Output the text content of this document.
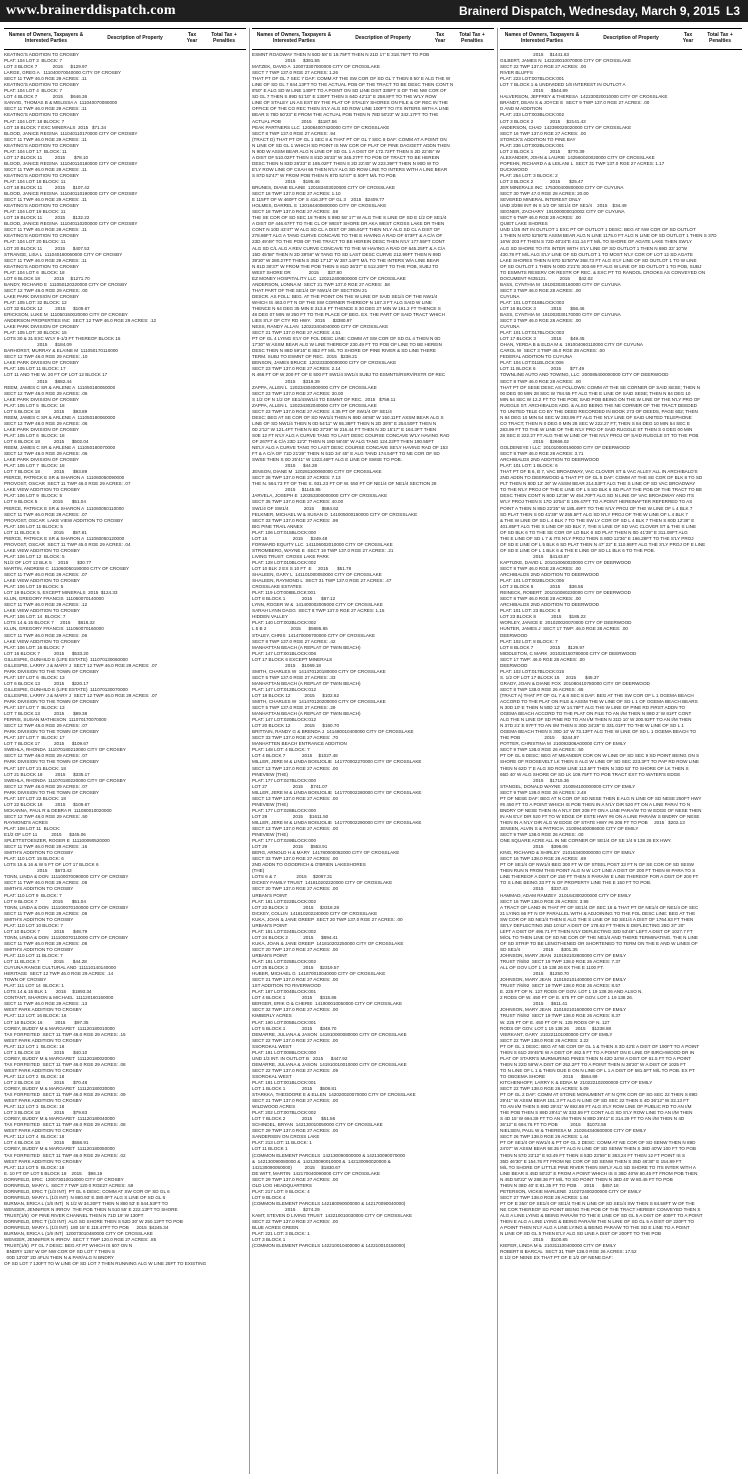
www.brainerddispatch.com	Brainerd Dispatch, Wednesday, March 9, 2015 L3
Names of Owners, Taxpayers & Interested Parties	Description of Property	Tax Year
Total Tax + Penalties
KEATING'S ADDITION TO CROSBY
PLAT: 104 LOT 3  BLOCK: 7
LOT 3 BLOCK 7            2015      $129.97
LARGE, GREG A   111040070040000 CITY OF CROSBY
SECT 11 TWP 46.0 RGE 29 ACRES: .11
KEATING'S ADDITION TO CROSBY
PLAT: 104 LOT 4  BLOCK: 7
LOT 4 BLOCK 7            2015      $646.36
SANVIG, THOMAS B & MELISSA A  111040070080000
SECT 11 TWP 46.0 RGE 29 ACRES: .11
KEATING'S ADDITION TO CROSBY
PLAT: 104 LOT: 18 BLOCK: 7
LOT 18 BLOCK 7 EXC MINERALS  2015   $71.34
BLOOD, JANICE REGINA  111040110170000 CITY OF CROSBY
SECT 11 TWP 46.0 RGE 29 ACRES: .11
KEATING'S ADDITION TO CROSBY
PLAT: 104 LOT 17  BLOCK: 11
LOT 17 BLOCK 11          2015       $78.10
BLOOD, JANICE REGINA  111040110180000 CITY OF CROSBY
SECT 11 TWP 46.0 RGE 29 ACRES: .11
KEATING'S ADDITION TO CROSBY
PLAT: 104 LOT 18 BLOCK: 11
LOT 18 BLOCK 11          2015      $107.42
BLOOD, JANICE REGINA  111040110190000 CITY OF CROSBY
SECT 11 TWP 46.0 RGE 29 ACRES: .11
KEATING'S ADDITION TO CROSBY
PLAT: 104 LOT 19 BLOCK: 11
LOT 19 BLOCK 11          2015      $132.22
BLOOD, JANICE REGINA  111040110200000 CITY OF CROSBY
SECT 11 TWP 46.0 RGE 29 ACRES: .11
KEATING'S ADDITION TO CROSBY
PLAT: 104 LOT 20 BLOCK: 11
LOT 20 BLOCK 11          2015      $407.53
STRANGE, LISA L  111040180060000 CITY OF CROSBY
SECT 11 TWP 46.0 RGE 29 ACRES: .11
KEATING'S ADDITION TO CROSBY
PLAT: 104 LOT 6  BLOCK: 18
LOT 6 BLOCK 18           2015     $1271.70
BANDY, RICHARD E  111050120320000 CITY OF CROSBY
SECT 12 TWP 46.0 RGE 29 ACRES: .00
LAKE PARK DIVISION OF CROSBY
PLAT: 105 LOT: 32 BLOCK: 12
LOT 32 BLOCK 12          2015      $109.67
ERICKSON, LUKE M  111050150020000 CITY OF CROSBY
ANDERSON PROPERTIES INC  SECT 12 TWP 46.0 RGE 29 ACRES: .12
LAKE PARK DIVISION OF CROSBY
PLAT: 105 LOT: 30 BLOCK: 15
LOTS 30 & 31 EXC W'LY 8-1/3 FT THEREOF BLOCK 15
2015      $184.09
BARHORST, MURRAY & ELAINE M  111050170110000
SECT 12 TWP 46.0 RGE 29 ACRES: .10
LAKE PARK DIVISION OF CROSBY
PLAT: 105 LOT 11 BLOCK: 17
LOT 11 AND THE W. 20 FT OF LOT 12 BLOCK 17
2015      $682.44
REEM, JAMES C SR & ARLENE A  111050180050000
SECT 12 TWP 46.0 RGE 29 ACRES: .06
LAKE PARK DIVISION OF CROSBY
PLAT: 105 LOT 5  BLOCK: 18
LOT 5 BLOCK 18           2015       $93.89
REEM, JAMES C SR & ARLENE A  111050180060000
SECT 12 TWP 46.0 RGE 29 ACRES: .06
LAKE PARK DIVISION OF CROSBY
PLAT: 105 LOT 6  BLOCK: 18
LOT 6 BLOCK 18           2015      $502.04
REEM, JAMES C SR & ARLENE A  111050180070000
SECT 12 TWP 46.0 RGE 29 ACRES: .06
LAKE PARK DIVISION OF CROSBY
PLAT: 105 LOT 7  BLOCK: 18
LOT 7 BLOCK 18           2015       $93.89
PIERCE, PATRICK E SR & SHARON A  111060050090000
PROVOST, OSCAR  SECT 11 TWP 46.0 RGE 29 ACRES: .07
LAKE VIEW ADDITION TO CROSBY
PLAT: 106 LOT 9  BLOCK: 5
LOT 9 BLOCK 5            2015       $51.04
PIERCE, PATRICK E SR & SHARON A  111060050110000
SECT 11 TWP 46.0 RGE 29 ACRES: .07
PROVOST, OSCAR  LAKE VIEW ADDITION TO CROSBY
PLAT: 106 LOT 11 BLOCK: 5
LOT 11 BLOCK 5           2015       $57.81
PIERCE, PATRICK E SR & SHARON A  111060050120000
PROVOST, OSCAR  SECT 11 TWP 45.0 RGE 29 ACRES: .04
LAKE VIEW ADDITION TO CROSBY
PLAT: 106 LOT 12  BLOCK: 5
N1/2 OF LOT 12 BLK 5     2015       $30.77
MARTIN, ANDREW C  111060050190000 CITY OF CROSBY
SECT 11 TWP 46.0 RGE 29 ACRES: .07
LAKE VIEW ADDITION TO CROSBY
PLAT: 106 LOT 19 BLOCK: 5
LOT 19 BLOCK 5, EXCEPT MINERALS  2015  $124.33
KLUN, GREGORY FRANCIS  111060070140000
SECT 11 TWP 46.0 RGE 29 ACRES: .12
LAKE VIEW ADDITION TO CROSBY
PLAT: 106 LOT: 14  BLOCK: 7
LOTS 14 & 15 BLOCK 7     2015      $818.32
KLUN, GREGORY FRANCIS  111060070160000
SECT 11 TWP 46.0 RGE 29 ACRES: .06
LAKE VIEW ADDITION TO CROSBY
PLAT: 106 LOT: 16 BLOCK: 7
LOT 16 BLOCK 7           2015      $533.20
GILLESPIE, GUNHILD E (LIFE ESTATE)  111070130060000
GILLESPIE, LARRY J & MARY J  SECT 12 TWP 46.0 RGE 29 ACRES: .07
PARK DIVISION TO THE TOWN OF CROSBY
PLAT: 107 LOT 6  BLOCK: 13
LOT 6 BLOCK 13           2015      $220.17
GILLESPIE, GUNHILD E (LIFE ESTATE)  111070130070000
GILLESPIE, LARRY J & MARY J  SECT 12 TWP 46.0 RGE 29 ACRES: .07
PARK DIVISION TO THE TOWN OF CROSBY
PLAT: 107 LOT 7  BLOCK: 13
LOT 7 BLOCK 13           2015       $89.38
FERRIS, SUSAN MATHESON  111070170070000
SECT 12 TWP 46.0 RGE 29 ACRES: .07
PARK DIVISION TO THE TOWN OF CROSBY
PLAT: 107 LOT 7  BLOCK: 17
LOT 7 BLOCK 17           2015      $109.67
SWEHLA, RHONDA  111070180210000 CITY OF CROSBY
SECT 12 TWP 46.0 RGE 29 ACRES: .07
PARK DIVISION TO THE TOWN OF CROSBY
PLAT: 107 LOT 21 BLOCK: 18
LOT 21 BLOCK 18          2015      $335.17
SWEHLA, RHONDA  111070180220000 CITY OF CROSBY
SECT 12 TWP 46.0 RGE 29 ACRES: .07
PARK DIVISION TO THE TOWN OF CROSBY
PLAT: 107 LOT 22 BLOCK: 18
LOT 22 BLOCK 18          2015      $109.67
MCKANNA, PAUL R & DEBRA R  111080010020000
SECT 12 TWP 46.0 RGE 29 ACRES: .50
RAYMOND'S ACRES
PLAT: 108 LOT 11  BLOCK:
E1/2 OF LOT 11           2015      $345.06
SPLETTSTOESZER, ROGER E  111100090520000
SECT 11 TWP 46.0 RGE 29 ACRES: .16
SMITH'S ADDITION TO CROSBY
PLAT: 110 LOT: 15 BLOCK: 6
LOTS 15 & 16 & W 5 FT OF LOT 17 BLOCK 6
2015      $673.42
TONN, LINDA & DON  111100070090000 CITY OF CROSBY
SECT 11 TWP 46.0 RGE 29 ACRES: .08
SMITH'S ADDITION TO CROSBY
PLAT: 110 LOT 9  BLOCK: 7
LOT 9 BLOCK 7            2015       $51.04
TONN, LINDA & DON  111100070100000 CITY OF CROSBY
SECT 11 TWP 46.0 RGE 29 ACRES: .08
SMITH'S ADDITION TO CROSBY
PLAT: 110 LOT 10 BLOCK: 7
LOT 10 BLOCK 7           2015       $48.79
TONN, LINDA & DON  111100070110000 CITY OF CROSBY
SECT 11 TWP 46.0 RGE 29 ACRES: .08
SMITH'S ADDITION TO CROSBY
PLAT: 110 LOT 11 BLOCK: 7
LOT 11 BLOCK 7           2015       $44.28
CUYUNA RANGE CULTURAL AND  111110140140000
HERITAGE  SECT 12 TWP 46.0 RGE 29 ACRES: .14
TOWN OF CROSBY
PLAT: 111 LOT 14  BLOCK: 1
LOTS 14 & 15 BLK 1       2015     $1893.34
CONTANT, SHARON & MICHAEL  111120160150000
SECT 11 TWP 46.0 RGE 29 ACRES: .13
WEST PARK ADDITION TO CROSBY
PLAT: 112 LOT: 16 BLOCK: 16
LOT 16 BLOCK 16          2015       $97.35
COREY, BUDDY M & MARGARET  111120180010000
TAX FORFEITED  SECT 11 TWP 46.0 RGE 29 ACRES: .15
WEST PARK ADDITION TO CROSBY
PLAT: 112 LOT 1  BLOCK: 18
LOT 1 BLOCK 18           2015       $40.10
COREY, BUDDY M & MARGARET  111120180020000
TAX FORFEITED  SECT 11 TWP 46.0 RGE 29 ACRES: .08
WEST PARK ADDITION TO CROSBY
PLAT: 112 LOT 2  BLOCK: 18
LOT 2 BLOCK 18           2015       $70.48
COREY, BUDDY M & MARGARET  111120180030000
TAX FORFEITED  SECT 11 TWP 46.0 RGE 29 ACRES: .09
WEST PARK ADDITION TO CROSBY
PLAT: 112 LOT 3  BLOCK: 18
LOT 3 BLOCK 18           2015       $79.83
COREY, BUDDY M & MARGARET  111120180040000
TAX FORFEITED  SECT 11 TWP 46.0 RGE 29 ACRES: .08
WEST PARK ADDITION TO CROSBY
PLAT: 112 LOT 4  BLOCK: 18
LOT 4 BLOCK 18           2015      $558.91
COREY, BUDDY M & MARGARET  111120180050000
TAX FORFEITED  SECT 11 TWP 46.0 RGE 29 ACRES: .02
WEST PARK ADDITION TO CROSBY
PLAT: 112 LOT 5  BLOCK: 18
E. 10 FT OF LOT 5 BLOCK 18    2015     $96.19
DORNFELD, ERIC  120073010010000 CITY OF CROSBY
DORNFELD, MARY L  SECT 7 TWP 120 0 RGE27 ACRES: .59
DORNFELD, ERIC T (1/3 INT)  PT GL 6 DESC: COMM AT SW COR OF SD GL 6
DORNFELD, MARY L (1/3 INT)  N 880.93' E 380.0FT ALG S LINE OF SD GL 6
BURMAN, ERICA L (1/6 INT)  N 1/2 W 34.20FT THEN N 880 53' E 544.53FT TO
WENGER, JENNIFER N IRROV  THE POB THEN N 510 55' E 222.13FT TO SHORE
TRUST(1/6)  OF PINE RIVER CHANNEL THEN N 71D 19' W 130FT
DORNFELD, ERIC T (1/3 INT)  ALG SD SHORE THEN S 52D 30' W 250.12FT TO POB
DORNFELD, MARY L (1/3 INT)  180 15' E 118.47FT TO POB      2015  $4245.34
BURMAN, ERICA L (1/6 INT)  120073010480000 CITY OF CROSSLAKE
WENGER, JENNIFER N IRROV  SECT 7 TWP 120.0 RGE 27 ACRES: .85
TRUST(1/6)  PT GL 7 DESC: BEG AT PT WHICH IS 607 ON N
BNDRY 1257 W OF NW COR OF SD LOT 7 THEN S
00D 13'03" 2D 4FLN THEN N & PAR/ALG N BNDRY
OF SD LOT 7 130FT TO W LINE OF SD LOT 7 THEN RUNNING ALG W LINE 25FT TO EXISTING
Names of Owners, Taxpayers & Interested Parties	Description of Property	Tax Year
Total Tax + Penalties
ESMNT ROADWAY THEN N 50D 58' E 18.75FT THEN N 21D 17' E 318.75FT TO POB
2015      $391.55
MATZEK, DAVID A  120073307000000 CITY OF CROSSLAKE
SECT 7 TWP 137.0 RGE 27 ACRES: 1.26
THAT PT OF GL 7 SEC 7 DAF: COMM AT THE SW COR OF SD GL 7 THEN 8 50' E ALG THE W
LINE OF SD GL 7 844.13FT TO THE ACTUAL POB OF THE TRACT TO BE DESC THEN CONT N
8'50" E ALG SD W LINE 140FT TO A POINT ON SD LINE DIST 335FT S OF THE NW COR OF
SD GL 7 THEN S 89D 51'10" E 130FT THEN S 64D 42'13" E 258.8FT TO THE W'LY ROW
LINE OF STALEY LN AS EST BY THE PLAT OF STALEY SHORES ON FILE & OF REC IN THE
OFFICE OF THE CO REC THEN S'LY ALG SD ROW LINE 100FT TO ITS INTERS WITH A LINE
BEAR S 78D 50'23" E FROM THE ACTUAL POB THEN N 78D 50'23" W 342.17FT TO THE
ACTUAL POB                2015     $1187.56
PEAK PARTNERS LLC  120084007420000 CITY OF CROSSLAKE
SECT 8 TWP 137.0 RGE 27 ACRES: .94
(TRACT D) THAT PT OF GL 1 SEC 8 & THAT PT OF GL 7 SEC 8 DAF: COMM AT A POINT ON
N LINE OF SD GL 1 WHICH SD POINT IS NW COR OF PLAT OF PINE DAGGETT ADDN THEN
N 90D W ASSM BEAR ALG N LINE OF SD GL 1 A DIST OF 172.72FT THEN S 2D 22'45" W
A DIST OF 510.02FT THEN S 81D 26'33" W 345.27FT TO POB OF TRACT TO BE HEREIN
DESC THEN N 83D 26'33" E 185.02FT THEN S 2D 22'45" W 223.39FT THEN N 90D W TO
E'LY ROW LINE OF CSAH 66 THEN N'LY ALG SD ROW LINE TO INTERS WITH A LINE BEAR
S 87D 52'47" W FROM POB THEN N 87D 52'47" E 50FT M/L TO POB
2015      $195.46
BRUNES, DIANE ELAINE  120183403020000 CITY OF CROSSLAKE
SECT 18 TWP 137.0 RGE 27 ACRES: 1.10
E 115FT OF W 460FT OF S 416.3FT OF GL 3    2015   $2409.77
HOLMES, DARREL S  120184400800000 CITY OF CROSSLAKE
SECT 18 TWP 137.0 RGE 27 ACRES: .59
THE SE COR OF SD SEC 18 THEN S 89D 58' 17" W ALG THE S LINE OF SD E 1/2 OF SE1/4
A DIST OF 446.67FT TO THE CL OF WEST SHORE DR AKA WEST CROSS LAKE DR THEN
CONT N 10D 43'47" W ALG SD CL A DIST OF 365.91FT THEN N'LY ALG SD CL A DIST OF
278.86FT ALG A TANG CURVE CONCAVE TO THE E HAVING A RAD OF 673FT & A C/A OF
23D 49'49" TO THE POB OF THE TRACT TO BE HEREIN DESC THEN N'LY 177.55FT CONT
ALG SD C/L ALG A REV CURVE CONCAVE TO THE W HAVING A RAD OF 645.25FT & A C/A
15D 45'58" THEN N 2D 39'56" W TANG TO SD LAST DESC CURVE 212.99FT THEN N 89D
39'30" W 280.27FT THEN S 35D 17'12" W 387.14FT M/L TO THE INTERS W/A LINE BEAR
N 81D 36'37" W FROM THE POB THEN S 81D 36'37" E 512.20FT TO THE POB, SUBJ TO
WEST SHORE DR              2015       $37.80
EZ MONEY HOSPITALITY LLC  120212400600000 CITY OF CROSSLAKE
ANDERSON, LONNA M  SECT 21 TWP 137.0 RGE 27 ACRES: .58
THAT PART OF THE SE1/4 OF NW1/4 OF SECTION 21
DESCR. AS FOLL: BEG. AT THE POINT ON THE W LINE OF SAID SE1/4 OF THE NW1/4
WHICH IS 463.0 FT N OF THE SW CORNER THEREOF N 167.3 FT ALG SAID W LINE
THENCE N 64 DEG 35 MIN E 313.6 FT THENCE S 30 DEG 27 MIN W 191.2 FT THENCE S
48 DEG 07 MIN W 250 FT TO THE PLACE OF BEG. EX. THE PART OF SAID TRACT WHICH
LIES S'LY OF CTY RD HWY.   2015      $3380.97
NESS, RANDY ALLAN  120223404040000 CITY OF CROSSLAKE
SECT 21 TWP 137.0 RGE 27 ACRES: 4.51
PT OF GL 4 LYING S'LY OF FOL DESC LINE: COMM AT SW COR OF SD GL 4 THEN N 0D
17'30" W ASSM BEAR ALG W LINE THEREOF 230.49 FT TO POB OF LINE TO BE HEREIN
DESC THEN N 88D 59'15" E 852 FT M/L TO SHORE OF PINE RIVER & SD LINE THERE
TERM. SUBJ TO ESMNT OF REC.  2015   $238.21
BENSON, JAMES BRUCE  120233300000000 CITY OF CROSSLAKE
SECT 23 TWP 137.0 RGE 27 ACRES: 2.14
N 466 FT OF W 200 FT OF E 500 FT SW1/4 SW1/4 SUBJ TO ESMNTS/RSRV/RSTR OF REC
2015      $319.39
ZAPPA, ALLEN L  120234304000000 CITY OF CROSSLAKE
SECT 23 TWP 137.0 RGE 27 ACRES: 30.00
S 1/2 OF N 1/2 OF SE1/4SW1/4 TO ESMNT OF REC.  2015   $759.11
ZAPPA, ALLEN L  120234302040000 CITY OF CROSSLAKE
SECT 23 TWP 137.0 RGE 27 ACRES: 4.35 PT OF SW1/4 OF SE1/4
DESC: BEG AT SE COR OF SD NW1/4 THEN N 89D 46'58" W 150.11FT ASSM BEAR ALG S
LINE OF SD NW1/4 THEN N 0D 54'11" W 65.38FT THEN N 2D 39'8" E 254.50FT THEN N
0D 2'12" W 121.4FT THEN N 8D 37'29" W 216.44 FT THEN N 3D 15'17" E 164.3FT THEN
S0E 12 FT N'LY ALG A CURVE TANG TO LAST DESC COURSE CONCAVE W'LY HAVING RAD
OF 267FT & C/A 23D 12'2" THEN N 19D 56'45" W ALG TANG 124.22FT THEN 190.55FT
NE'LY ALG A CURVE TANG TO LAST DESC COURSE CONCAVE SE'LY HAVING RAD OF 153
FT & A C/A OF 71D 21'29" THEN N 51D 34' 45" E ALG TAND 174.54FT TO NE COR OF SD
SWSE THEN S 0D 25'41" W 1323.46FT ALG E LINE OF SWSE TO POB.
2015      $44.28
JENSON, DIANE M  120281100060000 CITY OF CROSSLAKE
SECT 28 TWP 137.0 RGE 27 ACRES: 7.13
THE N. 564.73 FT OF THE S. 931.23 FT OF W. 550 FT OF NE1/4 OF NE1/4 SECTION 28
2015     $1145.85
JARVELA, JOSEPH E  120353300000000 CITY OF CROSSLAKE
SECT 35 TWP 137.0 RGE 27 ACRES: 40.00
SW1/4 OF SW1/4            2015      $584.62
FELKNER, MICHAEL W & SUSAN D  141005000150000 CITY OF CROSSLAKE
SECT 33 TWP 137.0 RGE 27 ACRES: .98
BIG PINE TRAIL ANNEX
PLAT: 106 LOT:015BLOCK:000
LOT 15                    2015      $249.48
FORWARD EQUITY LLC  141106002010000 CITY OF CROSSLAKE
STROMBERG, WAYNE E  SECT 19 TWP 137.0 RGE 27 ACRES: .21
LIVING TRUST  CROSS LAKE PARK
PLAT: 128 LOT:010BLOCK:002
LOT 10 BLK 2 EX S 10 FT  E     2015       $51.78
SHALEEN, GARY L  141101000050000 CITY OF CROSSLAKE
SHALEEN, RAYMOND L  SECT 31 TWP 137.0 RGE 27 ACRES: .47
CROSSLAKE ESTATES
PLAT: 119 LOT:008BLOCK:001
LOT 8 BLOCK 1             2015       $87.12
LYNN, ROGER W &  141400002005000 CITY OF CROSSLAKE
SARAH LYNN DAGG  SECT 8 TWP 137.0 RGE 27 ACRES: 1.15
HIDDEN VALLEY
PLAT: 140 LOT:002BLOCK:002
L 5 B 2                   2015      $5685.85
STALEY, CHRIS  141470006700000 CITY OF CROSSLAKE
SECT 8 TWP 137.0 RGE 27 ACRES: .42
MANHATTAN BEACH (A REPLAT OF TWIN BEACH)
PLAT: 147 LOT:001BLOCK:006
LOT 17 BLOCK 6 EXCEPT MINERALS
2015     $1069.18
SMITH, CHARLES W  141470120180000 CITY OF CROSSLAKE
SECT 5 TWP 137.0 RGE 27 ACRES: .33
MANHATTAN BEACH (A REPLAT OF TWIN BEACH)
PLAT: 147 LOT:012BLOCK:012
LOT 18 BLOCK 12           2015      $102.62
SMITH, CHARLES W  141470120200000 CITY OF CROSSLAKE
SECT 5 TWP 137.0 RGE 27 ACRES: .29
MANHATTAN BEACH (A REPLAT OF TWIN BEACH)
PLAT: 147 LOT:020BLOCK:012
LOT 20 BLOCK 12           2015      $160.70
BRITTAIN, RANDY G & BRENDA J  141480010400000 CITY OF CROSSLAKE
SECT 33 TWP 137.0 RGE 27 ACRES: .70
MANHATTEN BEACH ENTRANCE ADDITION
PLAT: 148 LOT: 4 BLOCK: 7
LOT 4 BLOCK 7             2015     $1027.48
MILLER, JERE M & LINDA BOISJOLIE  141770002270000 CITY OF CROSSLAKE
SECT 13 TWP 137.0 RGE 27 ACRES: .00
PINEVIEW (THE)
PLAT: 177 LOT:027BLOCK:000
LOT 27                    2015      $741.07
MILLER, JERE M & LINDA BOISJOLIE  141770002280000 CITY OF CROSSLAKE
SECT 13 TWP 137.0 RGE 27 ACRES: .00
PINEVIEW (THE)
PLAT: 177 LOT:028BLOCK:000
LOT 28                    2015     $1611.50
MILLER, JERE M & LINDA BOISJOLIE  141770002290000 CITY OF CROSSLAKE
SECT 13 TWP 137.0 RGE 27 ACRES: .00
PINEVIEW (THE)
PLAT: 177 LOT:029BLOCK:000
LOT 29                    2015      $553.91
BERG, ARNOLD H & MARY  141780000082000 CITY OF CROSSLAKE
SECT 33 TWP 137.0 RGE 27 ACRES: .00
2ND ADDN TO GOODRICH & O'BRIEN LAKESHORES
(THE)
LOTS 6 & 7                2015     $2087.31
DICKEY FAMILY TRUST  141810202220000 CITY OF CROSSLAKE
SECT 20 TWP 137.0 RGE 27 ACRES: .00
URBAN'S POINT
PLAT: 181 LOT:022BLOCK:002
LOT 22 BLOCK 2            2015     $3318.28
DICKEY, COLLIN  141810202240000 CITY OF CROSSLAKE
KUKA, JOAN & JANE GREEP  SECT 20 TWP 137.0 RGE 27 ACRES: .00
URBAN'S POINT
PLAT: 181 LOT:024BLOCK:002
LOT 24 BLOCK 2            2015      $894.41
KUKA, JOAN & JANE GREEP  141810202250000 CITY OF CROSSLAKE
SECT 20 TWP 137.0 RGE 27 ACRES: .00
URBAN'S POINT
PLAT: 181 LOT:025BLOCK:002
LOT 25 BLOCK 2            2015     $2319.57
HUBER, MICHAEL G  141870010040000 CITY OF CROSSLAKE
SECT 21 TWP 137.0 RGE 27 ACRES: .00
1ST ADDITION TO RIVERWOOD
PLAT: 187 LOT:004BLOCK:001
LOT 4 BLOCK 1             2015      $315.86
BERGER, ERIK O & CHERIE  141900010050000 CITY OF CROSSLAKE
SECT 32 TWP 137.0 RGE 27 ACRES: .00
KIMBERLY ACRES
PLAT: 190 LOT:005BLOCK:001
LOT 5 BLOCK 1             2015      $348.70
DEMARRE, JULIANA & JASON  141910000080000 CITY OF CROSSLAKE
SECT 22 TWP 137.0 RGE 27 ACRES: .00
SSOROKAL WEST
PLAT: 191 LOT:008BLOCK:000
UND 1/3 INT. IN OUTLOT B   2015      $447.92
DEMARRE, JULIANA & JASON  141910010010000 CITY OF CROSSLAKE
SECT 22 TWP 137.0 RGE 27 ACRES: .09
SSOROKAL WEST
PLAT: 191 LOT:001BLOCK:001
LOT 1 BLOCK 1             2015      $508.81
STARKKA, THEODORE E & ELLEN  142020020070000 CITY OF CROSSLAKE
SECT 21 TWP 137.0 RGE 27 ACRES: .00
WILDWOOD ACRES
PLAT: 202 LOT:007BLOCK:002
LOT 7 BLOCK 2             2015       $51.56
SCHINDEL, BRYAN  142130010050000 CITY OF CROSSLAKE
SECT 29 TWP 137.0 RGE 27 ACRES: .00
SANDERSEN ON CROSS LAKE
PLAT: 213 LOT: 11 BLOCK: 1
LOT 11 BLOCK 1
(COMMON ELEMENT PARCELS  142130090000000 & 142130090070000
&  142130090080000 &  142130090010000 &  142130090020000 &
142130090050000)          2015     $1830.67
DE WITT, MARTIN  142170040090000 CITY OF CROSSLAKE
SECT 29 TWP 137.0 RGE 27 ACRES: .00
OLD LOG HEADQUARTERS
PLAT: 217 LOT: 9 BLOCK: 4
LOT 9 BLOCK 4
(COMMON ELEMENT PARCELS 142180090000000 & 142170090040000)
2015      $274.29
KAMT, STEVEN D LIVING TRUST  142210010030000 CITY OF CROSSLAKE
SECT 22 TWP 137.0 RGE 27 ACRES: .00
BLUE ACRES GREEN
PLAT: 221 LOT: 3 BLOCK: 1
LOT 3 BLOCK 1
(COMMON ELEMENT PARCELS 142210010400000 & 142210010150000)
Names of Owners, Taxpayers & Interested Parties	Description of Property	Tax Year
Total Tax + Penalties
2015     $1441.63
GILBERT, JAMES N  142230010070000 CITY OF CROSSLAKE
SECT 22 TWP 137.0 RGE 27 ACRES: .00
RIVER BLUFFS
PLAT: 223 LOT:007BLOCK:001
LOT 7 BLOCK 1 & UNDIVIDED 1/8 INTEREST IN OUTLOT A
2015      $544.89
HALVERSON, JEFFREY & THERESA  142230020010000 CITY OF CROSSLAKE
BRANDT, DEAN S & JOYCE E  SECT 9 TWP 137.0 RGE 27 ACRES: .00
D AND M ADDITION
PLAT: 233 LOT:003BLOCK:002
LOT 3 BLOCK 2             2015     $2141.43
ANDERSON, CHAD  142390020020000 CITY OF CROSSLAKE
SECT 16 TWP 137.0 RGE 27 ACRES: .00
STORCK'S ADDITION TO PINE BAY
PLAT: 236 LOT:002BLOCK:001
LOT 2 BLOCK 1             2015      $770.39
ALEXANDER, JOHN & LAURIE  142560020020000 CITY OF CROSSLAKE
POPEHN, RICHARD A & LEILANI L  SECT 31 TWP 137.0 RGE 27 ACRES: 1.17
DUCKWOOD
PLAT: 254 LOT: 3 BLOCK: 2
LOT 3 BLOCK 2             2015       $25.47
JER MINERALS INC  175300400800000 CITY OF CUYUNA
SECT 30 TWP 47.0 RGE 28 ACRES: 20.00
SEVERED MINERAL INTEREST ONLY
UND 3/288 INT IN S 1/2 OF SE1/4 OF SE1/4    2015    $34.49
SEGNER, ZACHARY  191000000010002 CITY OF CUYUNA
SECT 6 TWP 46.0 RGE 28 ACRES: .00
QUIET LAKE SHORES
UND 1/25 INT IN OUTLOT 1 EXC PT OF OUTLOT 1 DESC: BEG AT NW COR OF SD OUTLOT
1 THEN N 87D 52'50"E ASSM BEAR ALG N LINE 1175.0 FT ALG N LINE OF SD OUTLOT 1 THEN S 37D
16'W 203 FT THEN S 72D 40'24"E 411.14 FT M/L TO SHORE OF AGATE LAKE THEN SW'LY
ALG SD SHORE TO ITS INTER WITH S'LY LINE OF SD OUTLOT 1 THEN N 69D 33' 10"W
430.78 FT M/L ALG S'LY LINE OF SD OUTLOT 1 TO MOST N'LY COR OF LOT 12 SD AGATE
LAKE SHORES THEN N 87D 52'50"W 368.73 FT ALG S'LY LINE OF SD OUTLOT 1 TO W LINE
OF SD OUTLOT 1 THEN N 00D 2'21"E 303.69 FT ALG W LINE OF SD OUTLOT 1 TO POB, SUBJ
TO ESMNTS RESERV OR RESTR OF REC. & EXC PT TO RANDOL CROOKS AS CONVEYED ON
DOCUMENT #435121.          2015       $42.02
BASS, CYNTHIA M  191003030160000 CITY OF CUYUNA
SECT 3 TWP 46.0 RGE 28 ACRES: .00
CUYUNA
PLAT: 101 LOT:016BLOCK:003
LOT 16 BLOCK 3            2015       $56.46
BASS, CYNTHIA M  191003030170000 CITY OF CUYUNA
SECT 3 TWP 46.0 RGE 28 ACRES: .00
CUYUNA
PLAT: 101 LOT:017BLOCK:003
LOT 17 BLOCK 3            2015       $49.45
OHAN, YERDA B & ELDA M &  191004060110000 CITY OF CUYUNA
CAROL W  SECT 3 TWP 46.0 RGE 28 ACRES: .00
FEDERAL ADDITION TO CUYUNA
PLAT: 104 LOT:011BLOCK:006
LOT 11 BLOCK 6            2015       $77.49
TOWNLINE AUTO AND TOWING, LLC  200085400000000 CITY OF DEERWOOD
SECT 8 TWP 46.0 RGE 28 ACRES: .00
THAT PT OF SESE DESC AS FOLLOWS: COMM AT THE SE CORNER OF SAID SESE; THEN N
00 DEG 00 MIN 28 SEC W 784.55 FT ALG THE E LINE OF SAID SESE; THEN N 84 DEG 10
MIN 54 SEC W 12.2 FT TO THE POB; SAID POB BEING ON THE W LINE OF THE N'LY PRO OF
RUGGLE ST. ARCHIBALDS ADD. & ALSO BEING THE NE CORNER OF THE TRACT DEEDED
TO UNITED TELE CO BY THE DEED RECORDED IN BOOK 273 OF DEEDS, PAGE 602; THEN
N 84 DEG 10 MIN 54 SEC W 283.99 FT ALG THE N'LY LINE OF SAID UNITED TELEPHONE
CO TRACT; THEN N 0 DEG 0 MIN 28 SEC W 222.27 FT; THEN S 84 DEG 10 MIN 54 SEC E
283.99 FT TO THE W LINE OF THE N'LY PRO OF SAID RUGGLE ST THEN S 0 DEG 00 MIN
28 SEC E 222.27 FT ALG THE W LINE OF THE N'LY PROJ OF SAID RUGGLE ST TO THE POB
2015     $2666.02
GOLDENEYE I LLC  201010000190000 CITY OF DEERWOOD
SECT 8 TWP 46.0 RGE 28 ACRES: 3.71
ARCHIBALDS 2ND ADDITION TO DEERWOOD
PLAT: 101 LOT: 1 BLOCK: 6
THAT PT OF B 6, B 7, VAC BROADWAY, VAC CLOVER ST & VAC ALLEY ALL IN ARCHIBALD'S
2ND ADDN TO DEERWOOD & THAT PT OF GL 5 DAF: COMM AT THE SE COR OF BLK 8 TO SD
PLT THEN N 80D 12' 36" W ASSM BEAR 214.53FT ALG THE S LINE OF SD VAC BROADWAY
TO THE N'LY PROJ OF THE E LINE OF L 5 SD BLK 6 SD PLAT THE POB OF THE TRACT TO BE
DESC THEN CONT N 80D 12'36" W 454.70FT ALG SD N LINE OF VAC BROADWAY AND ITS
W'LY PROJ THEN S 17D 10'54" E 109.47FT TO A POINT HEREINAFTER REFERRED TO AS
POINT A THEN N 85D 22'35" W 185.49FT TO THE N'LY PROJ OF THE W LINE OF L 4 BLK 7
SD PLAT THEN S 0D 41'39" W 255.5FT ALG SD N'LY PROJ OF THE W LINE OF L 4 BLK 7
& THE W LINE OF SD L 4 BLK 7 TO THE SW LY COR OF SD L 4 BLK 7 THEN S 80D 12'36" E
401.85FT ALG THE S LINE OF SD BLK 7, THE S LINE OF SD VAC CLOVER ST & THE S LINE
OF SD BLK 6 TO THE SE COR OF LD BLK 6 SD PLAT THEN N 0D 41'39" E 311.08FT ALG
THE E LINE OF SD L 7 & ITS N'LY PROJ THEN S 80D 12'36" E 166.28FT TO THE S'LY PROJ
OF SD E LINE OF L 5 BLK 6 SD PLAT THEN N 47' 22" E 110.98FT ALG THE S'LY PROJ OF E LINE
OF SD E LINE OF L 1 BLK 6 & THE E LINE OF SD L1 BLK 6 TO THE POB.
2015     $4143.87
KAPTIZKE, DAVID L  201010060020000 CITY OF DEERWOOD
SECT 8 TWP 46.0 RGE 28 ACRES: .00
ARCHIBALDS 2ND ADDITION TO DEERWOOD
PLAT: 101 LOT:002BLOCK:006
LOT 2 BLOCK 6             2015       $36.56
REINECK, ROBERT  201010080230000 CITY OF DEERWOOD
SECT 8 TWP 46.0 RGE 28 ACRES: .00
ARCHIBALDS 2ND ADDITION TO DEERWOOD
PLAT: 101 LOT: 23 BLOCK: 8
LOT 23 BLOCK 8            2015      $185.22
WORLEY, JANICE E  201020020070000 CITY OF DEERWOOD
HUNTER, JAMES J  SECT 17 TWP: 46.0 RGE 28 ACRES: .00
DEERWOOD
PLAT: 102 LOT: 8 BLOCK: 7
LOT 8 BLOCK 7             2015      $129.97
MIDDLETON, C MARK  201020150780000 CITY OF DEERWOOD
SECT 17 TWP: 46.0 RGE 28 ACRES: .00
DEERWOOD
PLAT: 102 LOT:017BLOCK:015
S. 1/2 OF LOT 17 BLOCK 15     2015       $45.37
GRADY, JOAN & DIANE FOX  201080410780000 CITY OF DEERWOOD
SECT 8 TWP 138.0 RGE 26 ACRES: .65
(TRACT A) THAT PT OF GL 7 & 8 SEC 8 DAF: BEG AT THE SW COR OF L 1 OGEMA BEACH
ACCORD TO THE PLAT ON FILE & ASSM THE W LINE OF SD L 1 OF OGEMA BEACH BEARS
N 30D 10' E THEN N 50D 12' W 14.78FT ALG THE W LINE OF PINE RD FIRST ADDN TO
OGEMA BEACH ACCORD TO THE PLAT ON FILE TO AN I/M THEN N 89D 2' W 81FT CONT
ALG THE N LINE OF SD PINE RD TO AN I/M THEN N 31D 10' W 200.92FT TO AN I/M THEN
N 37D 21' E 97FT TO AN I/M THEN S 30D 34'28" E 331.01FT TO THE W LINE OF SD L 1
OGEMA BEACH THEN S 30D 10' W 73.13FT ALG THE W LINE OF SD L 1 OGEMA BEACH TO
THE POB                   2015      $244.97
POTTER, CHRISTINA M  210093306A00000 CITY OF EMILY
SECT 9 TWP 138.0 RGE 26 ACRES: .50
PT OF GL 6 DESC: BEG AT MEANDER COR ON W LINE OF SD SEC 9 SD POINT BEING ON S
SHORE OF ROOSEVELT LK THEN S ALG W LINE OF SD SEC 223.3FT TO PAP RD ROW LINE
THEN N 62D 7' E ALG SD ROW LINE 113.5FT THEN N 33D 53' TO SHORE OF LK THEN S
65D 40' W ALG SHORE OF SD LK 109.75FT TO POB TRACT EXT TO WATER'S EDGE
2015     $1715.36
STANGEL, DONALD WAYNE  210094100000000 CITY OF EMILY
SECT 9 TWP 138.0 RGE 26 ACRES: 2.48
PT OF NESE DAF: BEG AT N COR OF SD NESE THEN E ALG N LINE OF SD NESE 250FT HWY
#6 450 FT TO A POINT WHICH IS POB THEN IN A N'LY DIR 520 FT ON A LINE PARA/ TO N
BNDRY OF NESE THEN IN A N'LY DIR 208 FT ON A LINE PARA/W TO W EDGE OF NESE THEN
IN AN E'LY DIR 520 FT TO W EDGE OF ESTE HWY #6 ON A LINE PARA/W S BNDRY OF NESE
THEN IN A N'LY DIR ALG W EDGE OF STATE HWY #6 208 FT TO POB     2015   $202.13
JENSEN, ALVIN S & PATRICIA  210094400086000 CITY OF EMILY
SECT 9 TWP 138.0 RGE 26 ACRES: .00
ONE SQUARE ACRE ALL IN NE CORNER OF SE1/4 OF SE 1/4 9 138 26 EX HWY.
2015      $396.06
KING, RICHARD & SHIRLEY  210163400000000 CITY OF EMILY
SECT 16 TWP 138.0 RGE 26 ACRES: .69
PT OF SE1/4 OF NW1/4 BEG 300 FT W OF STEEL POST 33 FT N OF SE COR OF SD SESW
THEN RUN N FROM THIS POINT ALG N W LOT LINE A DIST OF 200 FT THEN W PARA TO S
LINE THEREOF A DIST OF 150 FT THEN S PARA/W E LINE THEREOF FOR A DIST OF 200 FT
TO S LINE BEING 33 FT N OF PROPERTY LINE THE E 150 FT TO POB.
2015      $337.43
HAMMAD, ADAM RAMZEY  210164300200000 CITY OF EMILY
SECT 16 TWP 138.0 RGE 26 ACRES: 3.95
A TRACT OF LAND IN THAT PT OF SE1/4 OF SEC 16 & THAT PT OF NE1/4 OF NE1/4 OF SEC
21 LYING 66 FT N OF PARALLEL WITH & ADJOINING TO THE FOL DESC LINE: BEG AT THE
SW COR OF SD NE1/4 THEN E ALG THE S LINE OF SD SE1/4 A DIST OF 1764.63 FT THEN
SE'LY DEFLECTING 25D 10'42" A DIST OF 178.62 FT THEN E DEFLECTING 25D 37' 20"
LEFT A DIST OF 496.71 FT THEN N'LY DEFLECTING 32D 53'48" LEFT A DIST OF 1027.7 FT
M/OL TO THEN LINE OF SD NE COR OF THE NE1/4 AND THERE TERMINATING. THE N LINE
OF SD STRIP TO BE LENGTHENED OR SHORTENED TO TERM ON THE E AND W LINES OF
SD SE1/4                  2015      $301.35
JOHNSON, MARY JEAN  210192102800000 CITY OF EMILY
TRUST 7/6/92  SECT 19 TWP 138.0 RGE 26 ACRES: 7.37
ALL OF GOV LOT 1 19 138 26 EX THE E 1100 FT.
2015     $1250.70
JOHNSON, MARY JEAN  210192101400000 CITY OF EMILY
TRUST 7/6/92  SECT 19 TWP 138.0 RGE 26 ACRES: 8.57
E. 225 FT OF N. 127 RODS OF GOV. LOT 1 19 138 26 AND ALSO N.
2 RODS OF W. 450 FT OF E. 675 FT OF GOV. LOT 1 19 138 26.
2015      $611.41
JOHNSON, MARY JEAN  210192101600000 CITY OF EMILY
TRUST 7/6/92  SECT 19 TWP 138.0 RGE 26 ACRES: 8.37
W. 225 FT OF E. 450 FT OF N. 125 RODS OF N. 127
RODS OF GOV. LOT 1 19 138 26     2015     $1238.88
VIERKANT, GARY  210221101000000 CITY OF EMILY
SECT 22 TWP 138.0 RGE 26 ACRES: 3.22
PT OF GL 1 DESC: BEG AT NE COR OF GL 1 & THEN S 3D 42'E A DIST OF 190FT TO A POINT
THEN S 61D 29'45"E W A DIST OF 462.5 FT TO A POINT ON E LINE OF BIRCHWOOD DR IN
PLAT OF STARR'S MURMURING PINES THEN N 42D 34'W A DIST OF 61.5 FT TO A POINT
THEN N 22D 59'W A DIST OF 252.2FT TO A POINT THEN N 38'20" W A DIST OF 1025 FT
TO N LINE OF L 1 & THEN DUE E ON N LINE OF L 1 A DIST OF 581.5FT M/L TO POB. EX PT
TO OBGEMA SHORE              2015      $564.89
KITCHENHOFF, LARRY K & EDNA M  210222102000000 CITY OF EMILY
SECT 22 TWP 138.0 RGE 26 ACRES: 5.09
PT OF GL 2 DAF: COMM AT STONE MONUMENT AT N QTR COR OF SD SEC 22 THEN S 89D
29'41" W ASSM BEAR 151.3 FT ALG N LINE OF SD SEC 22 THEN S 4D 36'12" W 33.13 FT
TO AN I/M THEN S 89D 29'41" W 692.89 FT ALG S'LY ROW LINE OF PUBLIC RD TO AN I/M
THE POB THEN S 89D 29'41" W 333.59 FT CONT ALG SD S'LY ROW LINE TO AN I/M THEN
S 4D 15' W 694.39 FT TO AN I/M THEN N 89D 29'41" E 314.29 FT TO AN I/M THEN N 4D
36'12" E 694.76 FT TO POB          2015     $1072.56
NIELSEN, PAUL W & THERESA M  210264340600000 CITY OF EMILY
SECT 26 TWP 138.0 RGE 26 ACRES: 1.44
PT OF SE1/4 OF NW1/4 & PT OF GL 2 DESC: COMM AT NE COR OF SD SENW THEN N 89D
24'07" W ASSM BEAR 58.35 FT ALG N LINE OF SD SENW THEN S 38D 40'W 100 FT TO POB
THEN N 57D 23'12" E 93.49 FT THEN S 53D 23'59" E 363.24 FT THEN 12 FT POINT IS S
35D 46'30" E 154.76 FT FROM NE COR OF SD SENW THEN S 35D 46'30" E 154.89 FT
M/L TO SHORE OF LITTLE PINE RIVER THEN SW'LY ALG SD SHORE TO ITS INTER WITH A
LINE BEAR S 45D 50'22" E FROM A POINT WHICH IS S 38D 40'W 80.45 FT FROM POB THEN
N 45D 50'22" W 288.36 FT M/L TO SD POINT THEN N 38D 40' W 80.45 FT TO POB
THEN N 38D 40' E 81.35 FT TO POB      2015      $457.18
PETERSON, VICKIE MARLENE  210272400200000 CITY OF EMILY
SECT 27 TWP 138.0 RGE 26 ACRES: 1.84
PT OF E 350' OF SE1/4 OF SE1/4 THE N LINE OF SD SE1/4 SW THEN S 84.58FT W OF THE
NE COR THEREOF SD POINT BEING THE POB OF THE TRACT HEREBY CONVEYED THEN S
ALG A LINE LYING & BEING PARA/W TO THE E LINE OF SD GL 5 A DIST OF 400FT TO A POINT
THEN E ALG A LINE LYING & BEING PARA/W THE N LINE OF SD GL 5 A DIST OF 220FT TO
A POINT THEN N'LY ALG A LINE LYING & BEING PARA/W TO THE SD E LINE TO A POINT
N LINE OF SD GL 5 THEN E'LY ALG SD LINE A DIST OF 200FT TO THE POB
2015      $100.85
KIEFER, LINDA M &  210311100400000 CITY OF EMILY
ROBERT B BARCAL  SECT 31 TWP 138.0 RGE 26 ACRES: 17.52
E 1/2 OF NENE EX THAT PT OF E 1/2 OF NENE DAF:
